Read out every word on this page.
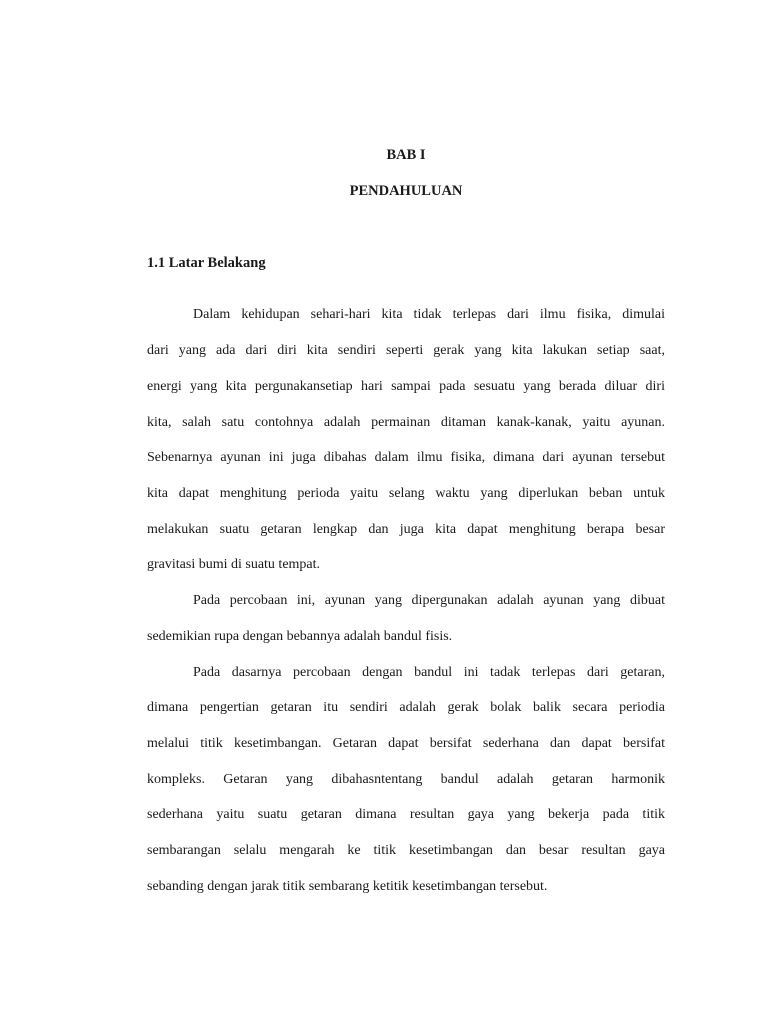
BAB I
PENDAHULUAN
1.1 Latar Belakang
Dalam kehidupan sehari-hari kita tidak terlepas dari ilmu fisika, dimulai
dari yang ada dari diri kita sendiri seperti gerak yang kita lakukan setiap saat,
energi yang kita pergunakansetiap hari sampai pada sesuatu yang berada diluar diri
kita, salah satu contohnya adalah permainan ditaman kanak-kanak, yaitu ayunan.
Sebenarnya ayunan ini juga dibahas dalam ilmu fisika, dimana dari ayunan tersebut
kita dapat menghitung perioda yaitu selang waktu yang diperlukan beban untuk
melakukan suatu getaran lengkap dan juga kita dapat menghitung berapa besar
gravitasi bumi di suatu tempat.
Pada percobaan ini, ayunan yang dipergunakan adalah ayunan yang dibuat
sedemikian rupa dengan bebannya adalah bandul fisis.
Pada dasarnya percobaan dengan bandul ini tadak terlepas dari getaran,
dimana pengertian getaran itu sendiri adalah gerak bolak balik secara periodia
melalui titik kesetimbangan. Getaran dapat bersifat sederhana dan dapat bersifat
kompleks. Getaran yang dibahasntentang bandul adalah getaran harmonik
sederhana yaitu suatu getaran dimana resultan gaya yang bekerja pada titik
sembarangan selalu mengarah ke titik kesetimbangan dan besar resultan gaya
sebanding dengan jarak titik sembarang ketitik kesetimbangan tersebut.
